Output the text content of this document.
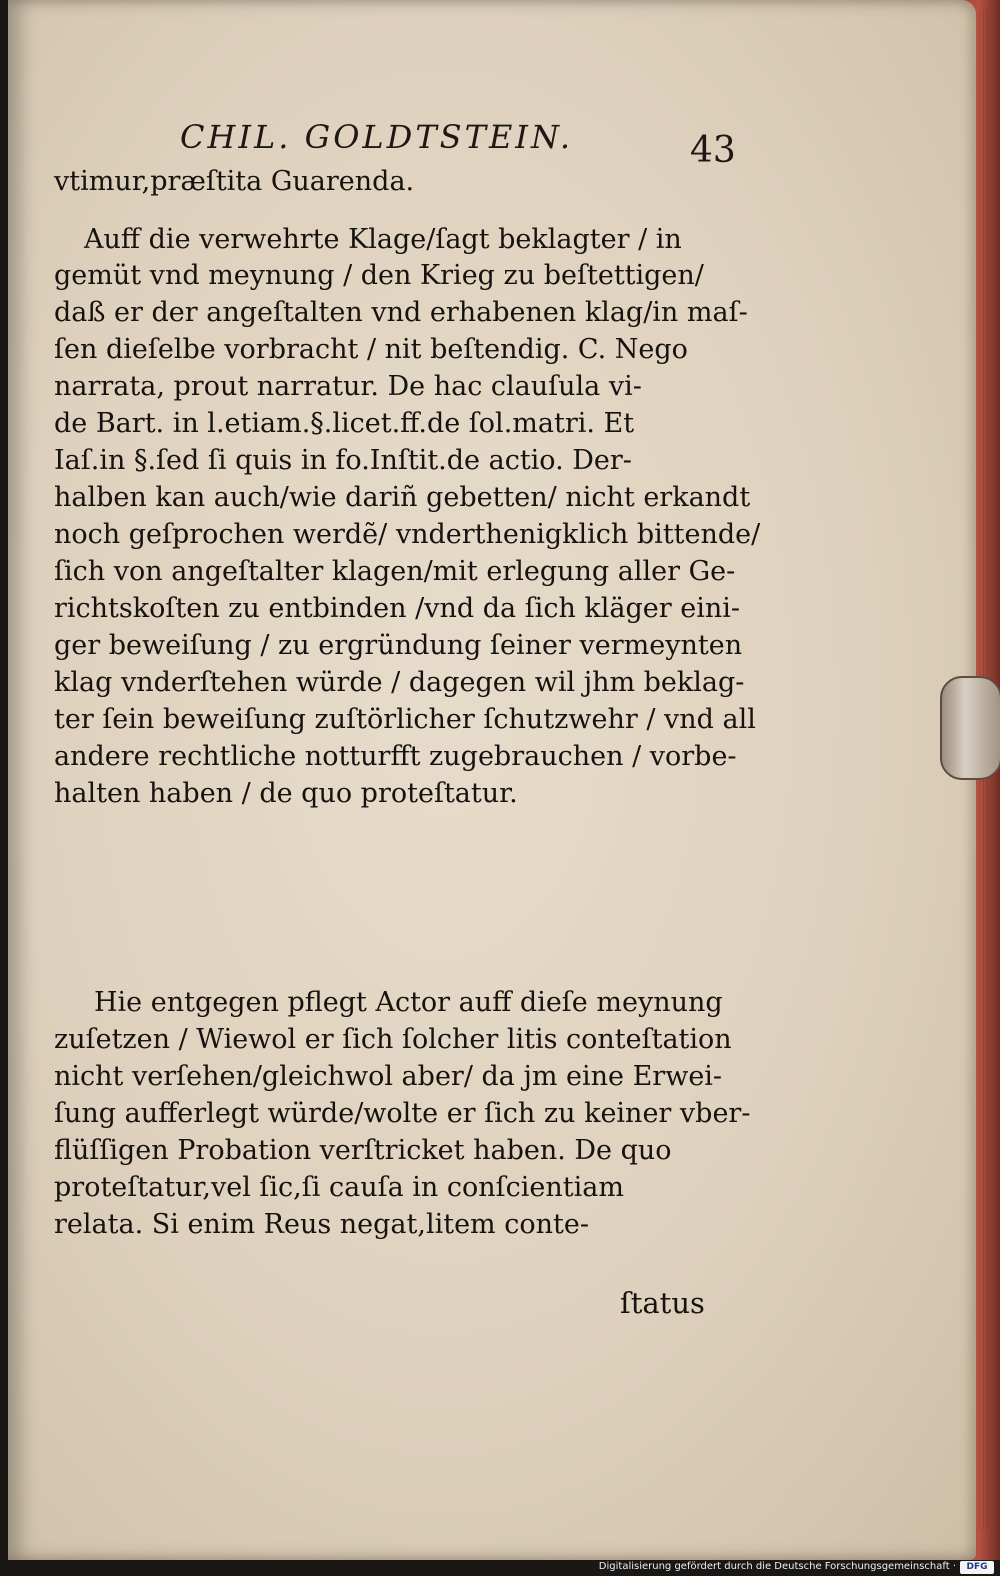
CHIL. GOLDTSTEIN.	43
vtimur,præſtita Guarenda.
Auff die verwehrte Klage/ſagt beklagter / in
gemüt vnd meynung / den Krieg zu beſtettigen/
daß er der angeſtalten vnd erhabenen klag/in maſ-
ſen dieſelbe vorbracht / nit beſtendig. C. Nego
narrata, prout narratur. De hac clauſula vi-
de Bart. in l.etiam.§.licet.ff.de ſol.matri. Et
Iaſ.in §.ſed ſi quis in fo.Inſtit.de actio. Der-
halben kan auch/wie dariñ gebetten/ nicht erkandt
noch geſprochen werdẽ/ vnderthenigklich bittende/
ſich von angeſtalter klagen/mit erlegung aller Ge-
richtskoſten zu entbinden /vnd da ſich kläger eini-
ger beweiſung / zu ergründung ſeiner vermeynten
klag vnderſtehen würde / dagegen wil jhm beklag-
ter ſein beweiſung zuſtörlicher ſchutzwehr / vnd all
andere rechtliche notturfft zugebrauchen / vorbe-
halten haben / de quo proteſtatur.
Hie entgegen pflegt Actor auff dieſe meynung
zuſetzen / Wiewol er ſich ſolcher litis conteſtation
nicht verſehen/gleichwol aber/ da jm eine Erwei-
ſung aufferlegt würde/wolte er ſich zu keiner vber-
flüſſigen Probation verſtricket haben. De quo
proteſtatur,vel ſic,ſi cauſa in conſcientiam
relata. Si enim Reus negat,litem conte-
ſtatus
Digitalisierung gefördert durch die Deutsche Forschungsgemeinschaft ·	DFG
